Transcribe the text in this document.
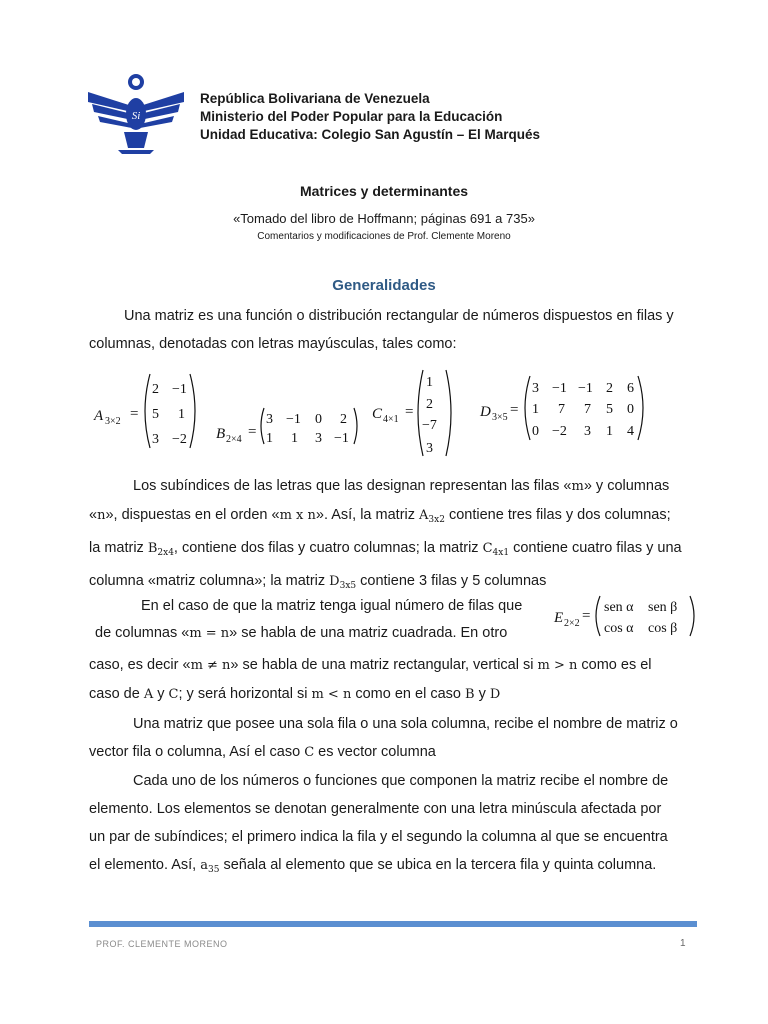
Si
República Bolivariana de Venezuela
Ministerio del Poder Popular para la Educación
Unidad Educativa: Colegio San Agustín – El Marqués
Matrices y determinantes
«Tomado del libro de Hoffmann; páginas 691 a 735»
Comentarios y modificaciones de Prof. Clemente Moreno
Generalidades
Una matriz es una función o distribución rectangular de números dispuestos en filas y
columnas, denotadas con letras mayúsculas, tales como:
A 3×2 =
2 −1
5 1
3 −2 B 2×4 =
3 −1 0 2
1 1 3 −1
C 4×1 =
1
2
−7
3
D 3×5 =
3 −1 −1 2 6
1 7 7 5 0
0 −2 3 1 4
Los subíndices de las letras que las designan representan las filas «m» y columnas
«n», dispuestas en el orden «m x n». Así, la matriz $A_{3x2}$ contiene tres filas y dos columnas;
la matriz $B_{2x4}$, contiene dos filas y cuatro columnas; la matriz $C_{4x1}$ contiene cuatro filas y una
columna «matriz columna»; la matriz $D_{3x5}$ contiene 3 filas y 5 columnas
En el caso de que la matriz tenga igual número de filas que
de columnas «m = n» se habla de una matriz cuadrada. En otro
E 2×2 =
sen α sen β
cos α cos β
caso, es decir «m ≠ n» se habla de una matriz rectangular, vertical si m > n como es el
caso de A y C; y será horizontal si m < n como en el caso B y D
Una matriz que posee una sola fila o una sola columna, recibe el nombre de matriz o
vector fila o columna, Así el caso C es vector columna
Cada uno de los números o funciones que componen la matriz recibe el nombre de
elemento. Los elementos se denotan generalmente con una letra minúscula afectada por
un par de subíndices; el primero indica la fila y el segundo la columna al que se encuentra
el elemento. Así, $a_{35}$ señala al elemento que se ubica en la tercera fila y quinta columna.
PROF. CLEMENTE MORENO	1
